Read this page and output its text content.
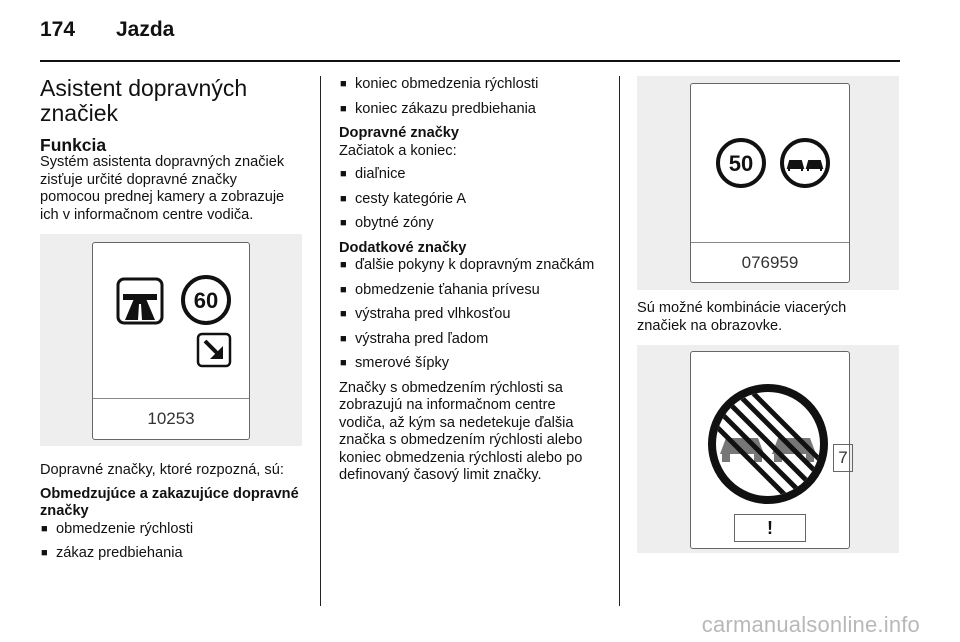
174	Jazda
Asistent dopravných
značiek
Funkcia

Systém asistenta dopravných značiek zisťuje určité dopravné značky pomocou prednej kamery a zobrazuje ich v informačnom centre vodiča.

60
10253

Dopravné značky, ktoré rozpozná, sú:

Obmedzujúce a zakazujúce dopravné značky

■ obmedzenie rýchlosti
■ zákaz predbiehania
■ koniec obmedzenia rýchlosti
■ koniec zákazu predbiehania

Dopravné značky

Začiatok a koniec:

■ diaľnice
■ cesty kategórie A
■ obytné zóny

Dodatkové značky

■ ďalšie pokyny k dopravným značkám
■ obmedzenie ťahania prívesu
■ výstraha pred vlhkosťou
■ výstraha pred ľadom
■ smerové šípky

Značky s obmedzením rýchlosti sa zobrazujú na informačnom centre vodiča, až kým sa nedetekuje ďalšia značka s obmedzením rýchlosti alebo koniec obmedzenia rýchlosti alebo po definovaný časový limit značky.

50
076959

Sú možné kombinácie viacerých značiek na obrazovke.

7
!
carmanualsonline.info
